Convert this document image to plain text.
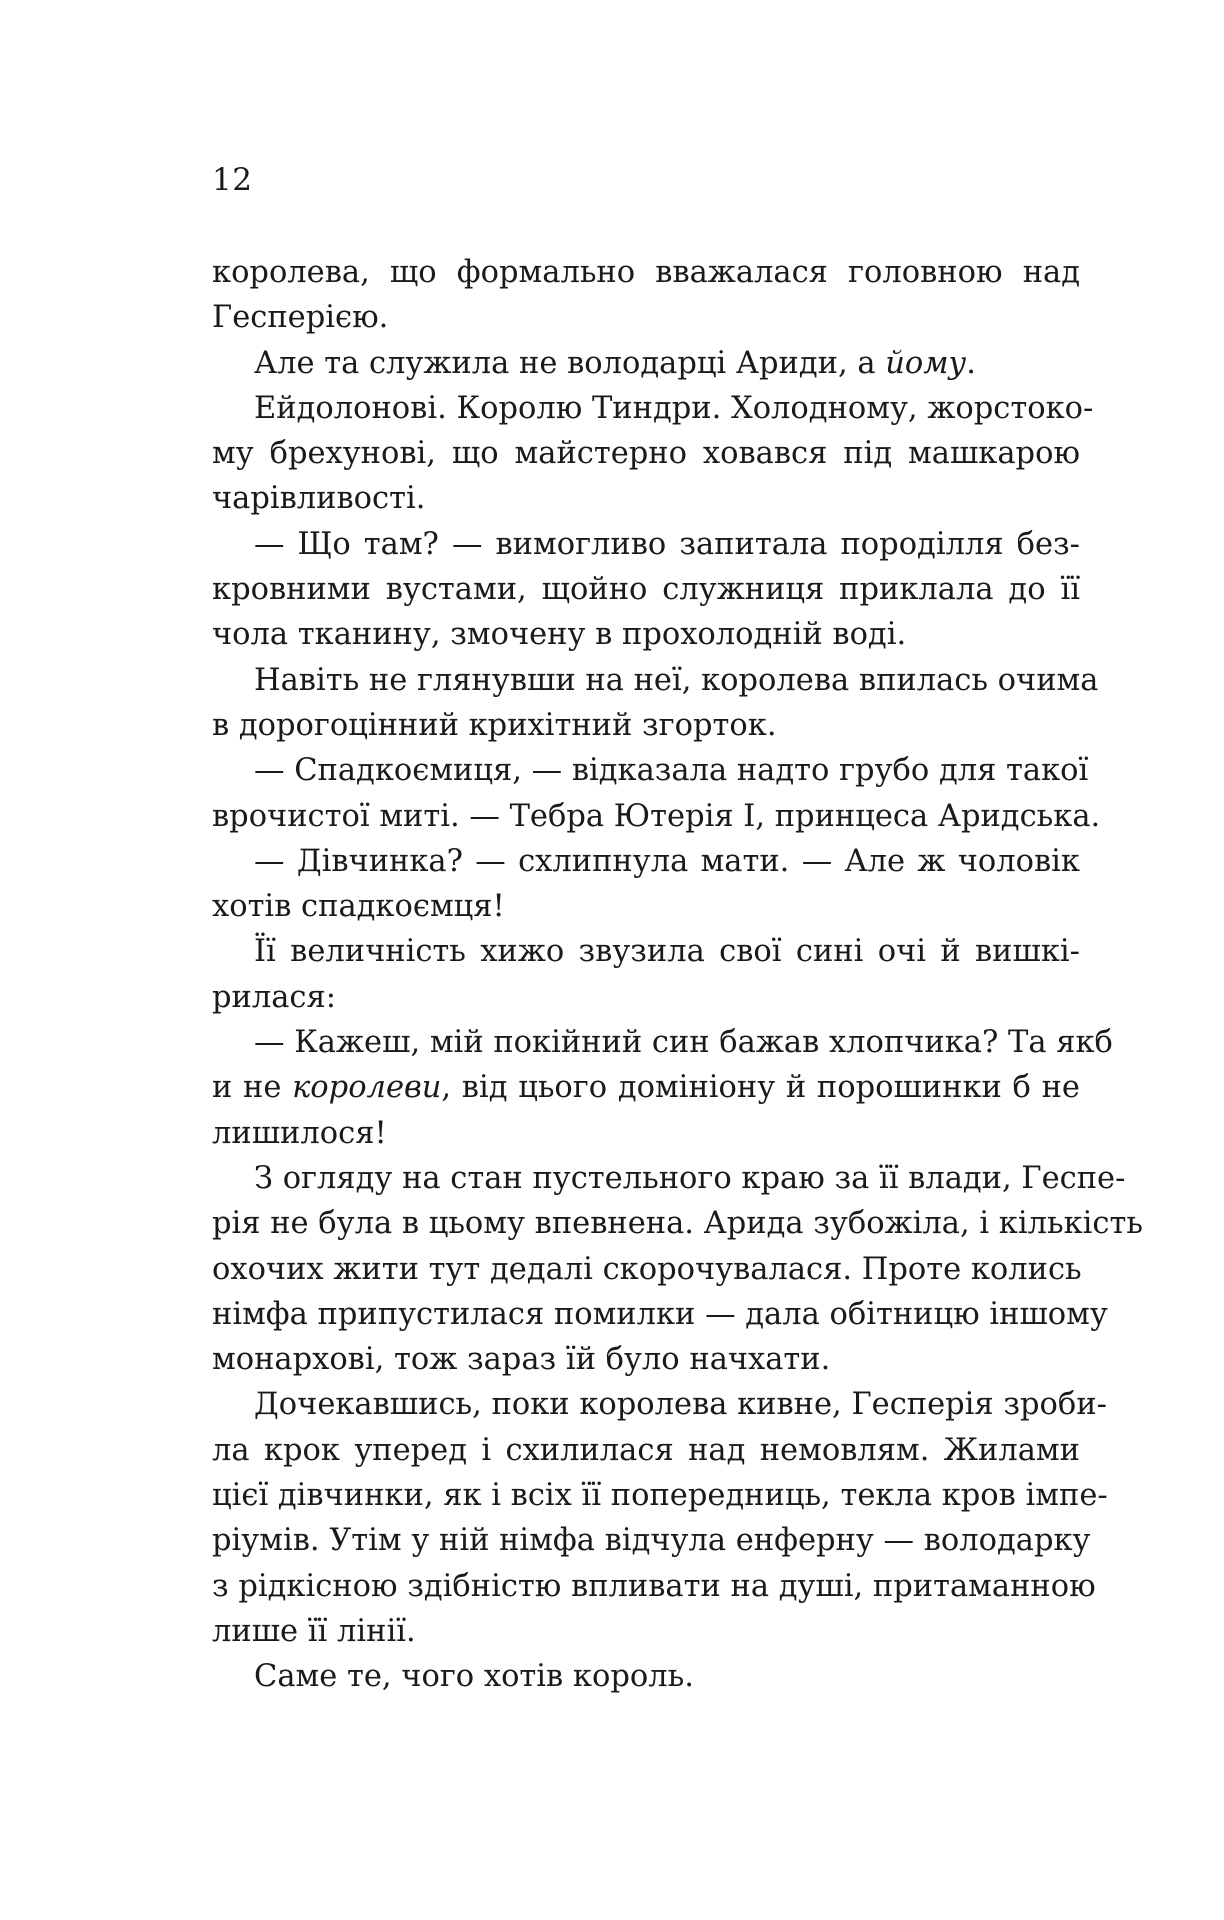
12
королева, що формально вважалася головною над
Гесперією.
Але та служила не володарці Ариди, а йому.
Ейдолонові. Королю Тиндри. Холодному, жорстоко-
му брехунові, що майстерно ховався під машкарою
чарівливості.
— Що там? — вимогливо запитала породілля без-
кровними вустами, щойно служниця приклала до її
чола тканину, змочену в прохолодній воді.
Навіть не глянувши на неї, королева впилась очима
в дорогоцінний крихітний згорток.
— Спадкоємиця, — відказала надто грубо для такої
врочистої миті. — Тебра Ютерія I, принцеса Аридська.
— Дівчинка? — схлипнула мати. — Але ж чоловік
хотів спадкоємця!
Її величність хижо звузила свої сині очі й вишкі-
рилася:
— Кажеш, мій покійний син бажав хлопчика? Та якб
и не королеви, від цього домініону й порошинки б не
лишилося!
З огляду на стан пустельного краю за її влади, Геспе-
рія не була в цьому впевнена. Арида зубожіла, і кількість
охочих жити тут дедалі скорочувалася. Проте колись
німфа припустилася помилки — дала обітницю іншому
монархові, тож зараз їй було начхати.
Дочекавшись, поки королева кивне, Гесперія зроби-
ла крок уперед і схилилася над немовлям. Жилами
цієї дівчинки, як і всіх її попередниць, текла кров імпе-
ріумів. Утім у ній німфа відчула енферну — володарку
з рідкісною здібністю впливати на душі, притаманною
лише її лінії.
Саме те, чого хотів король.
